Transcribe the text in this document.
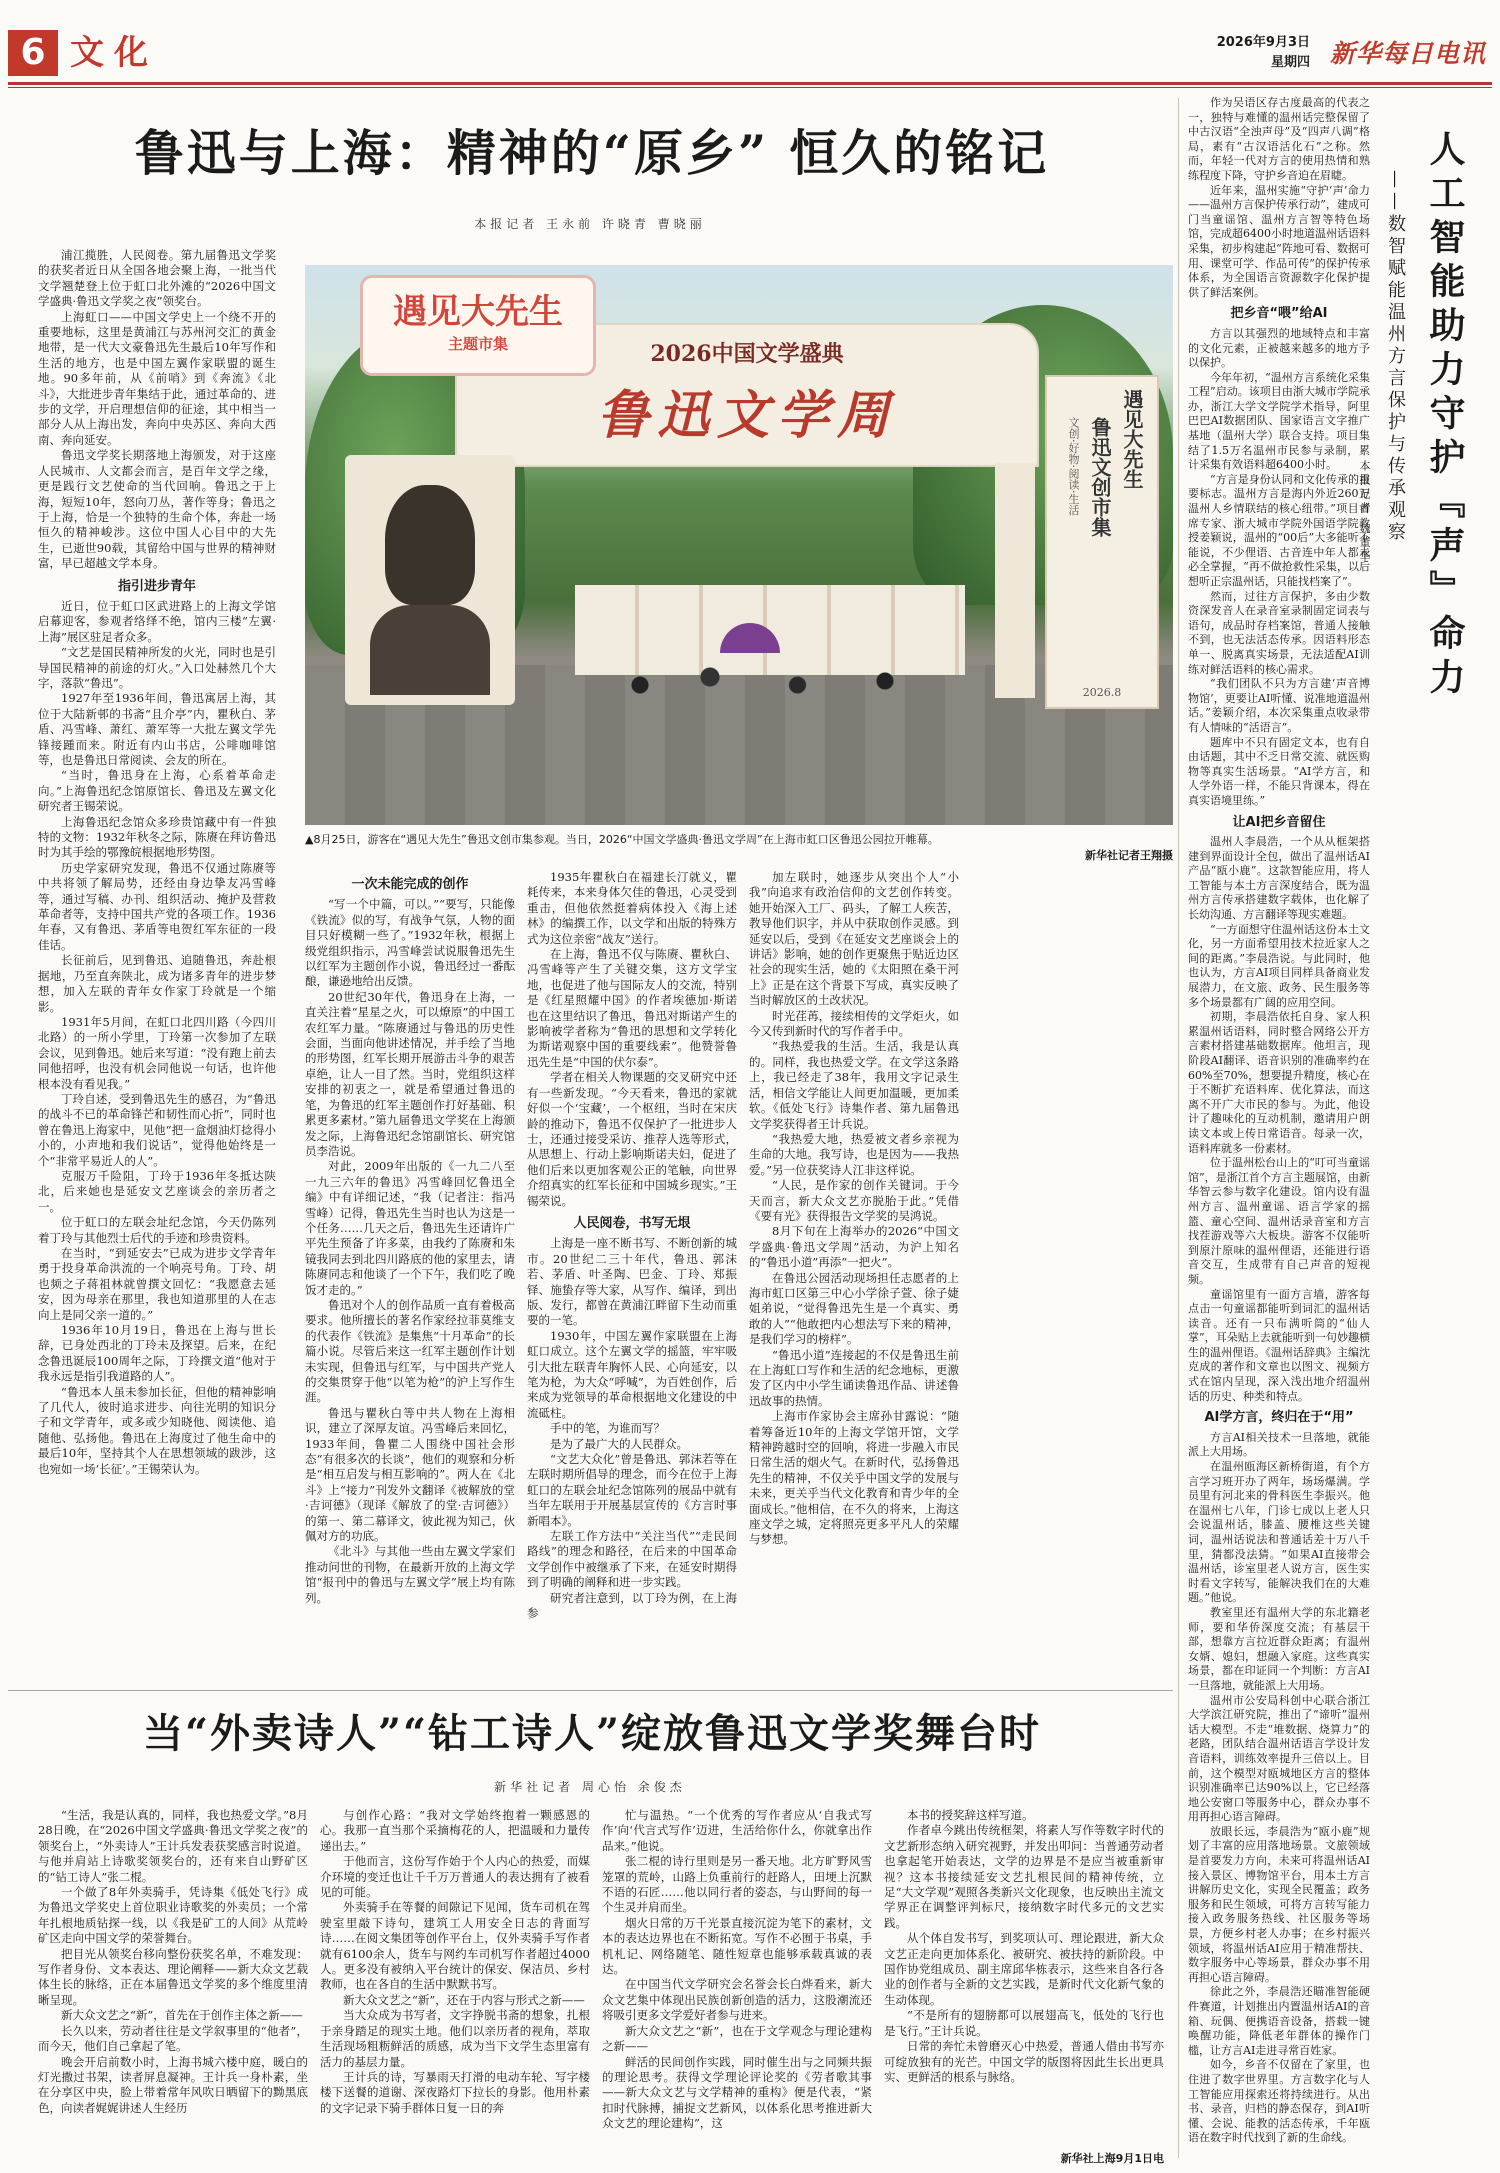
6 文化	2026年9月3日
星期四 新华每日电讯
鲁迅与上海：精神的“原乡” 恒久的铭记
本报记者 王永前 许晓青 曹晓丽

浦江揽胜，人民阅卷。第九届鲁迅文学奖的获奖者近日从全国各地会聚上海，一批当代文学翘楚登上位于虹口北外滩的“2026中国文学盛典·鲁迅文学奖之夜”领奖台。

上海虹口——中国文学史上一个绕不开的重要地标，这里是黄浦江与苏州河交汇的黄金地带，是一代大文豪鲁迅先生最后10年写作和生活的地方，也是中国左翼作家联盟的诞生地。90多年前，从《前哨》到《奔流》《北斗》，大批进步青年集结于此，通过革命的、进步的文学，开启理想信仰的征途，其中相当一部分人从上海出发，奔向中央苏区、奔向大西南、奔向延安。

鲁迅文学奖长期落地上海颁发，对于这座人民城市、人文都会而言，是百年文学之缘，更是践行文艺使命的当代回响。鲁迅之于上海，短短10年，怒向刀丛，著作等身；鲁迅之于上海，恰是一个独特的生命个体，奔赴一场恒久的精神峻涉。这位中国人心目中的大先生，已逝世90载，其留给中国与世界的精神财富，早已超越文学本身。

指引进步青年

近日，位于虹口区武进路上的上海文学馆启幕迎客，参观者络绎不绝，馆内三楼“左翼·上海”展区驻足者众多。

“文艺是国民精神所发的火光，同时也是引导国民精神的前途的灯火。”入口处赫然几个大字，落款“鲁迅”。

1927年至1936年间，鲁迅寓居上海，其位于大陆新邨的书斋“且介亭”内，瞿秋白、茅盾、冯雪峰、萧红、萧军等一大批左翼文学先锋接踵而来。附近有内山书店，公啡咖啡馆等，也是鲁迅日常阅读、会友的所在。

“当时，鲁迅身在上海，心系着革命走向。”上海鲁迅纪念馆原馆长、鲁迅及左翼文化研究者王锡荣说。

上海鲁迅纪念馆众多珍贵馆藏中有一件独特的文物：1932年秋冬之际，陈赓在拜访鲁迅时为其手绘的鄂豫皖根据地形势图。

历史学家研究发现，鲁迅不仅通过陈赓等中共将领了解局势，还经由身边挚友冯雪峰等，通过写稿、办刊、组织活动、掩护及营救革命者等，支持中国共产党的各项工作。1936年春，又有鲁迅、茅盾等电贺红军东征的一段佳话。

长征前后，见到鲁迅、追随鲁迅，奔赴根据地，乃至直奔陕北，成为诸多青年的进步梦想，加入左联的青年女作家丁玲就是一个缩影。

1931年5月间，在虹口北四川路（今四川北路）的一所小学里，丁玲第一次参加了左联会议，见到鲁迅。她后来写道：“没有跑上前去同他招呼，也没有机会同他说一句话，也许他根本没有看见我。”

丁玲自述，受到鲁迅先生的感召，为“鲁迅的战斗不已的革命锋芒和韧性而心折”，同时也曾在鲁迅上海家中，见他“把一盒烟油灯捻得小小的，小声地和我们说话”，觉得他始终是一个“非常平易近人的人”。

克服万千险阻，丁玲于1936年冬抵达陕北，后来她也是延安文艺座谈会的亲历者之一。

位于虹口的左联会址纪念馆，今天仍陈列着丁玲与其他烈士后代的手迹和珍贵资料。

在当时，“到延安去”已成为进步文学青年勇于投身革命洪流的一个响亮号角。丁玲、胡也频之子蒋祖林就曾撰文回忆：“我愿意去延安，因为母亲在那里，我也知道那里的人在志向上是同父亲一道的。”

1936年10月19日，鲁迅在上海与世长辞，已身处西北的丁玲未及探望。后来，在纪念鲁迅诞辰100周年之际，丁玲撰文道“他对于我永远是指引我道路的人”。

“鲁迅本人虽未参加长征，但他的精神影响了几代人，彼时追求进步、向往光明的知识分子和文学青年，或多或少知晓他、阅读他、追随他、弘扬他。鲁迅在上海度过了他生命中的最后10年，坚持其个人在思想领域的跋涉，这也宛如一场‘长征’。”王锡荣认为。

2026中国文学盛典
鲁迅文学周
遇见大先生
主题市集
遇见大先生
鲁迅文创市集
文创·好物·阅读·生活
2026.8
▲8月25日，游客在“遇见大先生”鲁迅文创市集参观。当日，2026“中国文学盛典·鲁迅文学周”在上海市虹口区鲁迅公园拉开帷幕。
新华社记者王翔摄
一次未能完成的创作

“写一个中篇，可以。”“要写，只能像《铁流》似的写，有战争气氛，人物的面目只好模糊一些了。”1932年秋，根据上级党组织指示，冯雪峰尝试说服鲁迅先生以红军为主题创作小说，鲁迅经过一番酝酿，谦逊地给出反馈。

20世纪30年代，鲁迅身在上海，一直关注着“星星之火，可以燎原”的中国工农红军力量。“陈赓通过与鲁迅的历史性会面，当面向他讲述情况，并手绘了当地的形势图，红军长期开展游击斗争的艰苦卓绝，让人一目了然。当时，党组织这样安排的初衷之一，就是希望通过鲁迅的笔，为鲁迅的红军主题创作打好基础、积累更多素材。”第九届鲁迅文学奖在上海颁发之际，上海鲁迅纪念馆副馆长、研究馆员李浩说。

对此，2009年出版的《一九二八至一九三六年的鲁迅》冯雪峰回忆鲁迅全编》中有详细记述，“我（记者注：指冯雪峰）记得，鲁迅先生当时也认为这是一个任务……几天之后，鲁迅先生还请许广平先生预备了许多菜，由我约了陈赓和朱镜我同去到北四川路底的他的家里去，请陈赓同志和他谈了一个下午，我们吃了晚饭才走的。”

鲁迅对个人的创作品质一直有着极高要求。他所擅长的著名作家经拉菲莫维支的代表作《铁流》是集焦“十月革命”的长篇小说。尽管后来这一红军主题创作计划未实现，但鲁迅与红军，与中国共产党人的交集贯穿于他“以笔为枪”的沪上写作生涯。

鲁迅与瞿秋白等中共人物在上海相识，建立了深厚友谊。冯雪峰后来回忆，1933年间，鲁瞿二人围绕中国社会形态“有很多次的长谈”，他们的观察和分析是“相互启发与相互影响的”。两人在《北斗》上“接力”刊发外文翻译《被解放的堂·吉诃德》（现译《解放了的堂·吉诃德》）的第一、第二幕译文，彼此视为知己，伙佩对方的功底。

《北斗》与其他一些由左翼文学家们推动问世的刊物，在最新开放的上海文学馆“报刊中的鲁迅与左翼文学”展上均有陈列。

1935年瞿秋白在福建长汀就义，瞿耗传来，本来身体欠佳的鲁迅，心灵受到重击，但他依然挺着病体投入《海上述林》的编撰工作，以文学和出版的特殊方式为这位亲密“战友”送行。

在上海，鲁迅不仅与陈赓、瞿秋白、冯雪峰等产生了关键交集，这方文学宝地，也促进了他与国际友人的交流，特别是《红星照耀中国》的作者埃德加·斯诺也在这里结识了鲁迅，鲁迅对斯诺产生的影响被学者称为“鲁迅的思想和文学转化为斯诺观察中国的重要线索”。他赞誉鲁迅先生是“中国的伏尔泰”。

学者在相关人物课题的交叉研究中还有一些新发现。“今天看来，鲁迅的家就好似一个‘宝藏’，一个枢纽，当时在宋庆龄的推动下，鲁迅不仅保护了一批进步人士，还通过接受采访、推荐人选等形式，从思想上、行动上影响斯诺夫妇，促进了他们后来以更加客观公正的笔触，向世界介绍真实的红军长征和中国城乡现实。”王锡荣说。

人民阅卷，书写无垠

上海是一座不断书写、不断创新的城市。20世纪二三十年代，鲁迅、郭沫若、茅盾、叶圣陶、巴金、丁玲、郑振铎、施蛰存等大家，从写作、编译，到出版、发行，都曾在黄浦江畔留下生动而重要的一笔。

1930年，中国左翼作家联盟在上海虹口成立。这个左翼文学的摇篮，牢牢吸引大批左联青年胸怀人民、心向延安，以笔为枪，为大众“呼喊”，为百姓创作，后来成为党领导的革命根据地文化建设的中流砥柱。

手中的笔，为谁而写？

是为了最广大的人民群众。

“文艺大众化”曾是鲁迅、郭沫若等在左联时期所倡导的理念，而今在位于上海虹口的左联会址纪念馆陈列的展品中就有当年左联用于开展基层宣传的《方言时事新唱本》。

左联工作方法中“关注当代”“走民间路线”的理念和路径，在后来的中国革命文学创作中被继承了下来，在延安时期得到了明确的阐释和进一步实践。

研究者注意到，以丁玲为例，在上海参

加左联时，她逐步从突出个人“小我”向追求有政治信仰的文艺创作转变。她开始深入工厂、码头，了解工人疾苦，教导他们识字，并从中获取创作灵感。到延安以后，受到《在延安文艺座谈会上的讲话》影响，她的创作更聚焦于贴近边区社会的现实生活，她的《太阳照在桑干河上》正是在这个背景下写成，真实反映了当时解放区的土改状况。

时光荏苒，接续相传的文学炬火，如今又传到新时代的写作者手中。

“我热爱我的生活。生活，我是认真的。同样，我也热爱文学。在文学这条路上，我已经走了38年，我用文字记录生活，相信文学能让人间更加温暖，更加柔软。《低处飞行》诗集作者、第九届鲁迅文学奖获得者王计兵说。

“我热爱大地，热爱被文者乡亲视为生命的大地。我写诗，也是因为——我热爱。”另一位获奖诗人江非这样说。

“人民，是作家的创作关键词。于今天而言，新大众文艺亦脱胎于此。”凭借《要有光》获得报告文学奖的吴鸿说。

8月下旬在上海举办的2026“中国文学盛典·鲁迅文学周”活动，为沪上知名的“鲁迅小道”再添“一把火”。

在鲁迅公园活动现场担任志愿者的上海市虹口区第三中心小学徐子萱、徐子婕姐弟说，“觉得鲁迅先生是一个真实、勇敢的人”“他敢把内心想法写下来的精神，是我们学习的榜样”。

“鲁迅小道”连接起的不仅是鲁迅生前在上海虹口写作和生活的纪念地标，更激发了区内中小学生诵读鲁迅作品、讲述鲁迅故事的热情。

上海市作家协会主席孙甘露说：“随着筹备近10年的上海文学馆开馆，文学精神跨越时空的回响，将进一步融入市民日常生活的烟火气。在新时代，弘扬鲁迅先生的精神，不仅关乎中国文学的发展与未来，更关乎当代文化教育和青少年的全面成长。”他相信，在不久的将来，上海这座文学之城，定将照亮更多平凡人的荣耀与梦想。

作为吴语区存古度最高的代表之一，独特与难懂的温州话完整保留了中古汉语“全浊声母”及“四声八调”格局，素有“古汉语活化石”之称。然而，年轻一代对方言的使用热情和熟练程度下降，守护乡音迫在眉睫。

近年来，温州实施“守护‘声’命力——温州方言保护传承行动”，建成可门当童谣馆、温州方言智等特色场馆，完成超6400小时地道温州话语料采集，初步构建起“阵地可看、数据可用、课堂可学、作品可传”的保护传承体系，为全国语言资源数字化保护提供了鲜活案例。

把乡音“喂”给AI

方言以其强烈的地域特点和丰富的文化元素，正被越来越多的地方予以保护。

今年年初，“温州方言系统化采集工程”启动。该项目由浙大城市学院承办，浙江大学文学院学术指导，阿里巴巴AI数据团队、国家语言文字推广基地（温州大学）联合支持。项目集结了1.5万名温州市民参与录制，累计采集有效语料超6400小时。

“方言是身份认同和文化传承的重要标志。温州方言是海内外近260万温州人乡情联结的核心纽带。”项目首席专家、浙大城市学院外国语学院教授姜颖说，温州的“00后”大多能听不能说，不少俚语、古音连中年人都未必全掌握，“再不做抢救性采集，以后想听正宗温州话，只能找档案了”。

然而，过往方言保护，多由少数资深发音人在录音室录制固定词表与语句，成品时存档案馆，普通人接触不到，也无法活态传承。因语料形态单一、脱离真实场景，无法适配AI训练对鲜活语料的核心需求。

“我们团队不只为方言建‘声音博物馆’，更要让AI听懂、说准地道温州话。”姜颖介绍，本次采集重点收录带有人情味的“活语言”。

题库中不只有固定文本，也有自由话题，其中不乏日常交流、就医购物等真实生活场景。“AI学方言，和人学外语一样，不能只背课本，得在真实语境里练。”

让AI把乡音留住

温州人李晨浩，一个从从框架搭建到界面设计全包，做出了温州话AI产品“瓯小鹿”。这款智能应用，将人工智能与本土方言深度结合，既为温州方言传承搭建数字载体，也化解了长幼沟通、方言翻译等现实难题。

“一方面想守住温州话这份本土文化，另一方面希望用技术拉近家人之间的距离。”李晨浩说。与此同时，他也认为，方言AI项目同样具备商业发展潜力，在文旅、政务、民生服务等多个场景都有广阔的应用空间。

初期，李晨浩依托自身、家人积累温州话语料，同时整合网络公开方言素材搭建基础数据库。他坦言，现阶段AI翻译、语音识别的准确率约在60%至70%，想要提升精度，核心在于不断扩充语料库、优化算法，而这离不开广大市民的参与。为此，他设计了趣味化的互动机制，邀请用户朗读文本或上传日常语音。每录一次，语料库就多一份素材。

位于温州松台山上的“叮可当童谣馆”，是浙江首个方言主题展馆，由新华智云参与数字化建设。馆内设有温州方言、温州童谣、语言学家的摇篮、童心空间、温州话录音室和方言找茬游戏等六大板块。游客不仅能听到原汁原味的温州俚语，还能进行语音交互，生成带有自己声音的短视频。

童谣馆里有一面方言墙，游客每点击一句童谣都能听到词汇的温州话读音。还有一只布满听筒的“仙人掌”，耳朵贴上去就能听到一句妙趣横生的温州俚语。《温州话辞典》主编沈克成的著作和文章也以图文、视频方式在馆内呈现，深入浅出地介绍温州话的历史、种类和特点。

AI学方言，终归在于“用”

方言AI相关技术一旦落地，就能派上大用场。

在温州瓯海区新桥街道，有个方言学习班开办了两年，场场爆满。学员里有河北来的骨科医生李振兴。他在温州七八年，门诊七成以上老人只会说温州话，膝盖、腰椎这些关键词，温州话说法和普通话差十万八千里，猜都没法猜。“如果AI直接带会温州话，诊室里老人说方言，医生实时看文字转写，能解决我们在的大难题。”他说。

教室里还有温州大学的东北籍老师，要和华侨深度交流；有基层干部，想靠方言拉近群众距离；有温州女婿、媳妇，想融入家庭。这些真实场景，都在印证同一个判断：方言AI一旦落地，就能派上大用场。

温州市公安局科创中心联合浙江大学滨江研究院，推出了“谛听”温州话大模型。不走“堆数据、烧算力”的老路，团队结合温州话语言学设计发音语料，训练效率提升三倍以上。目前，这个模型对瓯城地区方言的整体识别准确率已达90%以上，它已经落地公安窗口等服务中心，群众办事不用再担心语言障碍。

放眼长远，李晨浩为“瓯小鹿”规划了丰富的应用落地场景。文旅领域是首要发力方向，未来可将温州话AI接入景区、博物馆平台，用本土方言讲解历史文化，实现全民覆盖；政务服务和民生领域，可将方言转写能力接入政务服务热线、社区服务等场景，方便乡村老人办事；在乡村振兴领域，将温州话AI应用于精准帮扶、数字服务中心等场景，群众办事不用再担心语言障碍。

徐此之外，李晨浩还瞄准智能硬件赛道，计划推出内置温州话AI的音箱、玩偶、便携语音设备，搭载一键唤醒功能，降低老年群体的操作门槛，让方言AI走进寻常百姓家。

如今，乡音不仅留在了家里，也住进了数字世界里。方言数字化与人工智能应用探索还将持续进行。从出书、录音，归档的静态保存，到AI听懂、会说、能教的活态传承，千年瓯语在数字时代找到了新的生命线。

人工智能助力守护『声』命力
——数智赋能温州方言保护与传承观察
本报记者 魏董华
当“外卖诗人”“钻工诗人”绽放鲁迅文学奖舞台时
新华社记者 周心怡 余俊杰

“生活，我是认真的，同样，我也热爱文学。”8月28日晚，在“2026中国文学盛典·鲁迅文学奖之夜”的领奖台上，“外卖诗人”王计兵发表获奖感言时说道。与他并肩站上诗歌奖领奖台的，还有来自山野矿区的“钻工诗人”张二棍。

一个做了8年外卖骑手，凭诗集《低处飞行》成为鲁迅文学奖史上首位职业诗歌奖的外卖员；一个常年扎根地质钻探一线，以《我是矿工的人间》从荒岭矿区走向中国文学的荣誉舞台。

把目光从领奖台移向整份获奖名单，不难发现：写作者身份、文本表达、理论阐释——新大众文艺载体生长的脉络，正在本届鲁迅文学奖的多个维度里清晰呈现。

新大众文艺之“新”，首先在于创作主体之新——

长久以来，劳动者往往是文学叙事里的“他者”，而今天，他们自己拿起了笔。

晚会开启前数小时，上海书城六楼中庭，暖白的灯光撒过书架，读者屏息凝神。王计兵一身朴素，坐在分享区中央，脸上带着常年风吹日晒留下的黝黑底色，向读者娓娓讲述人生经历

与创作心路：“我对文学始终抱着一颗感恩的心。我那一直当那个采摘梅花的人，把温暖和力量传递出去。”

于他而言，这份写作始于个人内心的热爱，而媒介环境的变迁也让千千万万普通人的表达拥有了被看见的可能。

外卖骑手在等餐的间隙记下见闻，货车司机在驾驶室里敲下诗句，建筑工人用安全日志的背面写诗……在阅文集团等创作平台上，仅外卖骑手写作者就有6100余人，货车与网约车司机写作者超过4000人。更多没有被纳入平台统计的保安、保洁员、乡村教师，也在各自的生活中默默书写。

新大众文艺之“新”，还在于内容与形式之新——

当大众成为书写者，文字挣脱书斋的想象，扎根于亲身踏足的现实土地。他们以亲历者的视角，萃取生活现场粗粝鲜活的质感，成为当下文学生态里富有活力的基层力量。

王计兵的诗，写暴雨天打滑的电动车轮、写字楼楼下送餐的道谢、深夜路灯下拉长的身影。他用朴素的文字记录下骑手群体日复一日的奔

忙与温热。“一个优秀的写作者应从‘自我式写作’向‘代言式写作’迈进，生活给你什么，你就拿出作品来。”他说。

张二棍的诗行里则是另一番天地。北方旷野风雪笼罩的荒岭，山路上负重前行的赶路人，田埂上沉默不语的石匠……他以同行者的姿态，与山野间的每一个生灵并肩而坐。

烟火日常的万千光景直接沉淀为笔下的素材，文本的表达边界也在不断拓宽。写作不必囿于书桌，手机札记、网络随笔、随性短章也能够承载真诚的表达。

在中国当代文学研究会名誉会长白烨看来，新大众文艺集中体现出民族创新创造的活力，这股潮流还将吸引更多文学爱好者参与进来。

新大众文艺之“新”，也在于文学观念与理论建构之新——

鲜活的民间创作实践，同时催生出与之同频共振的理论思考。获得文学理论评论奖的《劳者歌其事——新大众文艺与文学精神的重构》便是代表，“紧扣时代脉搏，捕捉文艺新风，以体系化思考推进新大众文艺的理论建构”，这

本书的授奖辞这样写道。

作者卓今跳出传统框架，将素人写作等数字时代的文艺新形态纳入研究视野，并发出叩问：当普通劳动者也拿起笔开始表达，文学的边界是不是应当被重新审视？这本书接续延安文艺扎根民间的精神传统，立足“大文学观”观照各类新兴文化现象，也反映出主流文学界正在调整评判标尺，接纳数字时代多元的文艺实践。

从个体自发书写，到奖项认可、理论跟进，新大众文艺正走向更加体系化、被研究、被扶持的新阶段。中国作协党组成员、副主席邱华栋表示，这些来自各行各业的创作者与全新的文艺实践，是新时代文化新气象的生动体现。

“不是所有的翅膀都可以展翅高飞，低处的飞行也是飞行。”王计兵说。

日常的奔忙未曾磨灭心中热爱，普通人借由书写亦可绽放独有的光芒。中国文学的版图将因此生长出更具实、更鲜活的根系与脉络。

新华社上海9月1日电
